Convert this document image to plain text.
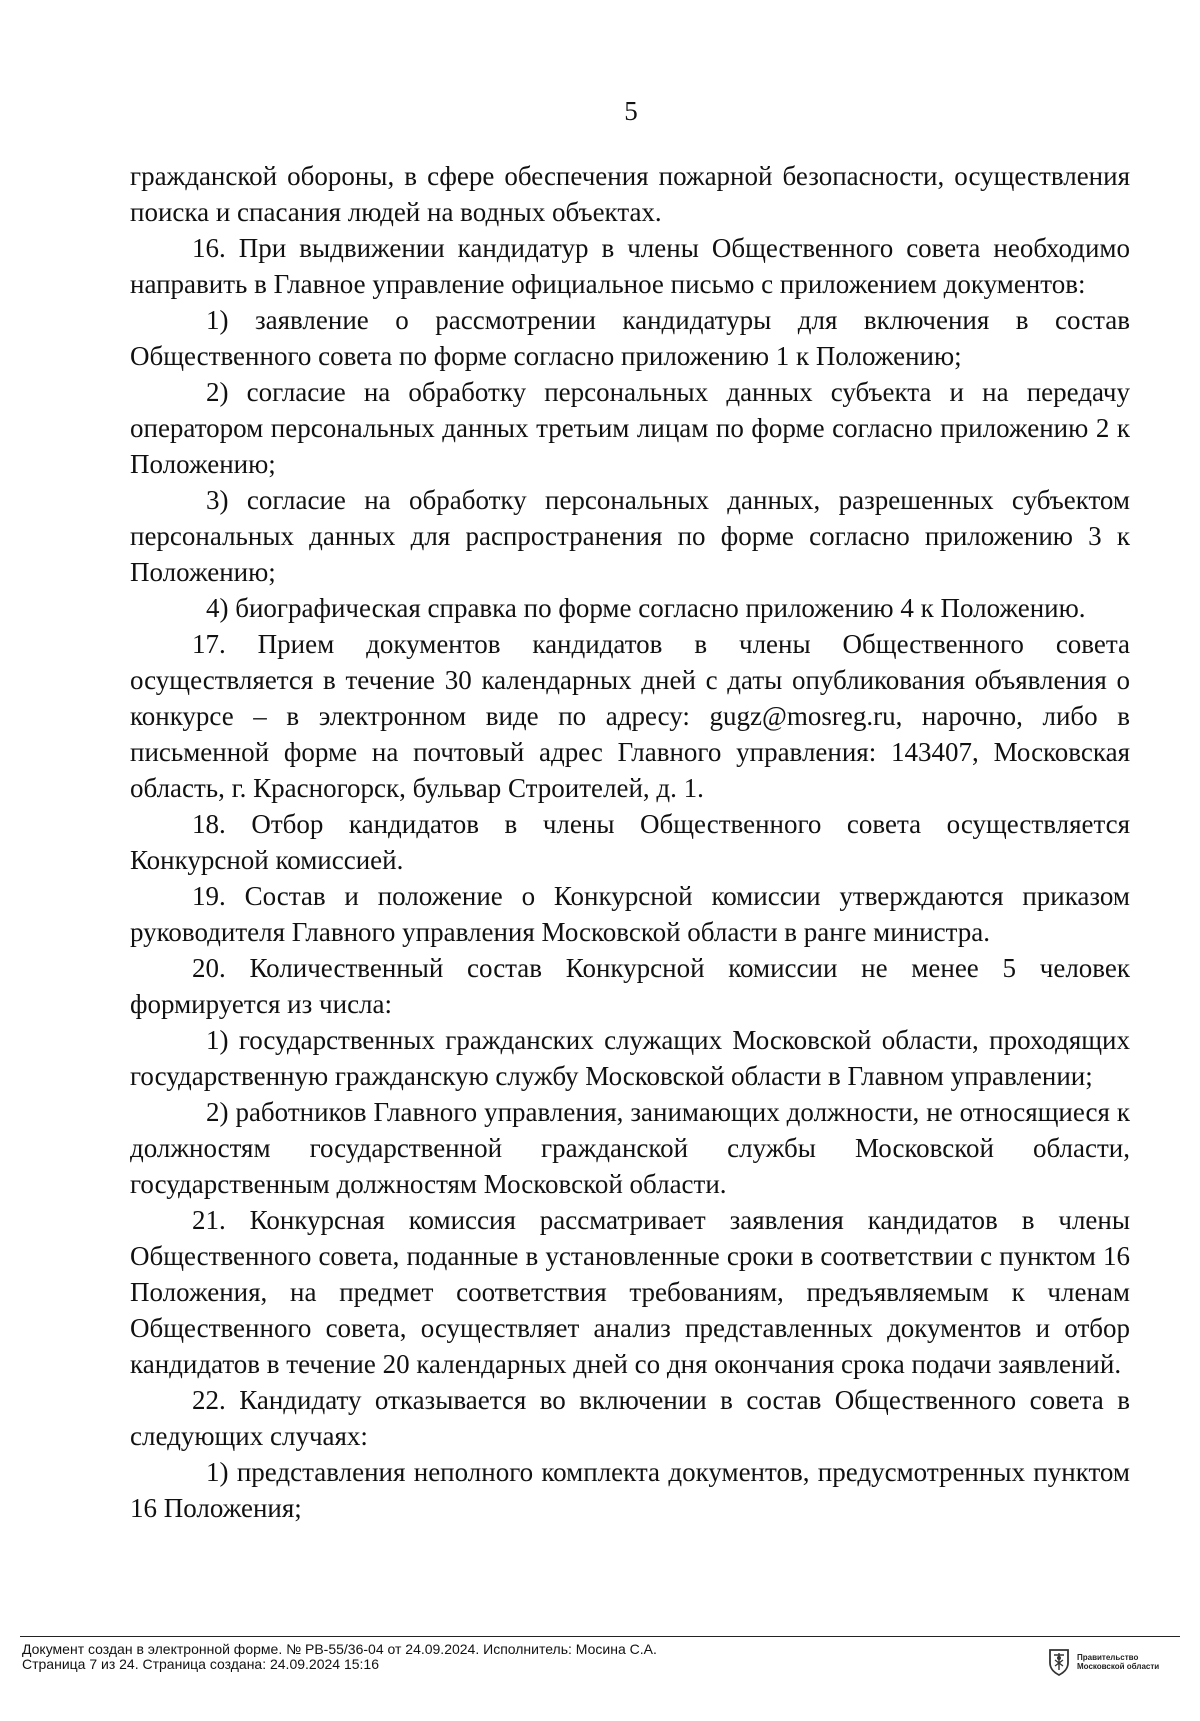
5

гражданской обороны, в сфере обеспечения пожарной безопасности, осуществления поиска и спасания людей на водных объектах.

16. При выдвижении кандидатур в члены Общественного совета необходимо направить в Главное управление официальное письмо с приложением документов:

1) заявление о рассмотрении кандидатуры для включения в состав Общественного совета по форме согласно приложению 1 к Положению;

2) согласие на обработку персональных данных субъекта и на передачу оператором персональных данных третьим лицам по форме согласно приложению 2 к Положению;

3) согласие на обработку персональных данных, разрешенных субъектом персональных данных для распространения по форме согласно приложению 3 к Положению;

4) биографическая справка по форме согласно приложению 4 к Положению.

17. Прием документов кандидатов в члены Общественного совета осуществляется в течение 30 календарных дней с даты опубликования объявления о конкурсе – в электронном виде по адресу: gugz@mosreg.ru, нарочно, либо в письменной форме на почтовый адрес Главного управления: 143407, Московская область, г. Красногорск, бульвар Строителей, д. 1.

18. Отбор кандидатов в члены Общественного совета осуществляется Конкурсной комиссией.

19. Состав и положение о Конкурсной комиссии утверждаются приказом руководителя Главного управления Московской области в ранге министра.

20. Количественный состав Конкурсной комиссии не менее 5 человек формируется из числа:

1) государственных гражданских служащих Московской области, проходящих государственную гражданскую службу Московской области в Главном управлении;

2) работников Главного управления, занимающих должности, не относящиеся к должностям государственной гражданской службы Московской области, государственным должностям Московской области.

21. Конкурсная комиссия рассматривает заявления кандидатов в члены Общественного совета, поданные в установленные сроки в соответствии с пунктом 16 Положения, на предмет соответствия требованиям, предъявляемым к членам Общественного совета, осуществляет анализ представленных документов и отбор кандидатов в течение 20 календарных дней со дня окончания срока подачи заявлений.

22. Кандидату отказывается во включении в состав Общественного совета в следующих случаях:

1) представления неполного комплекта документов, предусмотренных пунктом 16 Положения;

Документ создан в электронной форме. № РВ-55/36-04 от 24.09.2024. Исполнитель: Мосина С.А.
Страница 7 из 24. Страница создана: 24.09.2024 15:16	Правительство
Московской области
